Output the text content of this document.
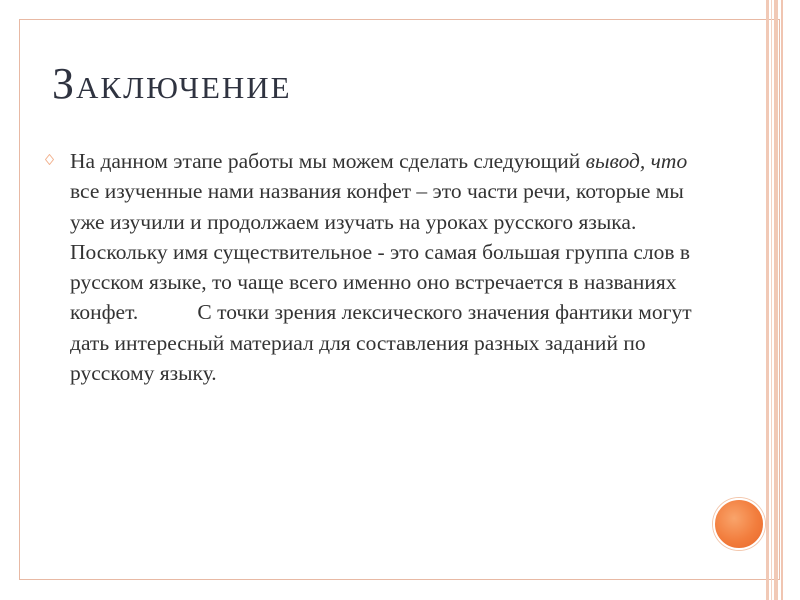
Заключение

На данном этапе работы мы можем сделать следующий вывод, что все изученные нами названия конфет – это части речи, которые мы уже изучили и продолжаем изучать на уроках русского языка. Поскольку имя существительное - это самая большая группа слов в русском языке, то чаще всего именно оно встречается в названиях конфет.           С точки зрения лексического значения фантики могут дать интересный материал для составления разных заданий по русскому языку.
